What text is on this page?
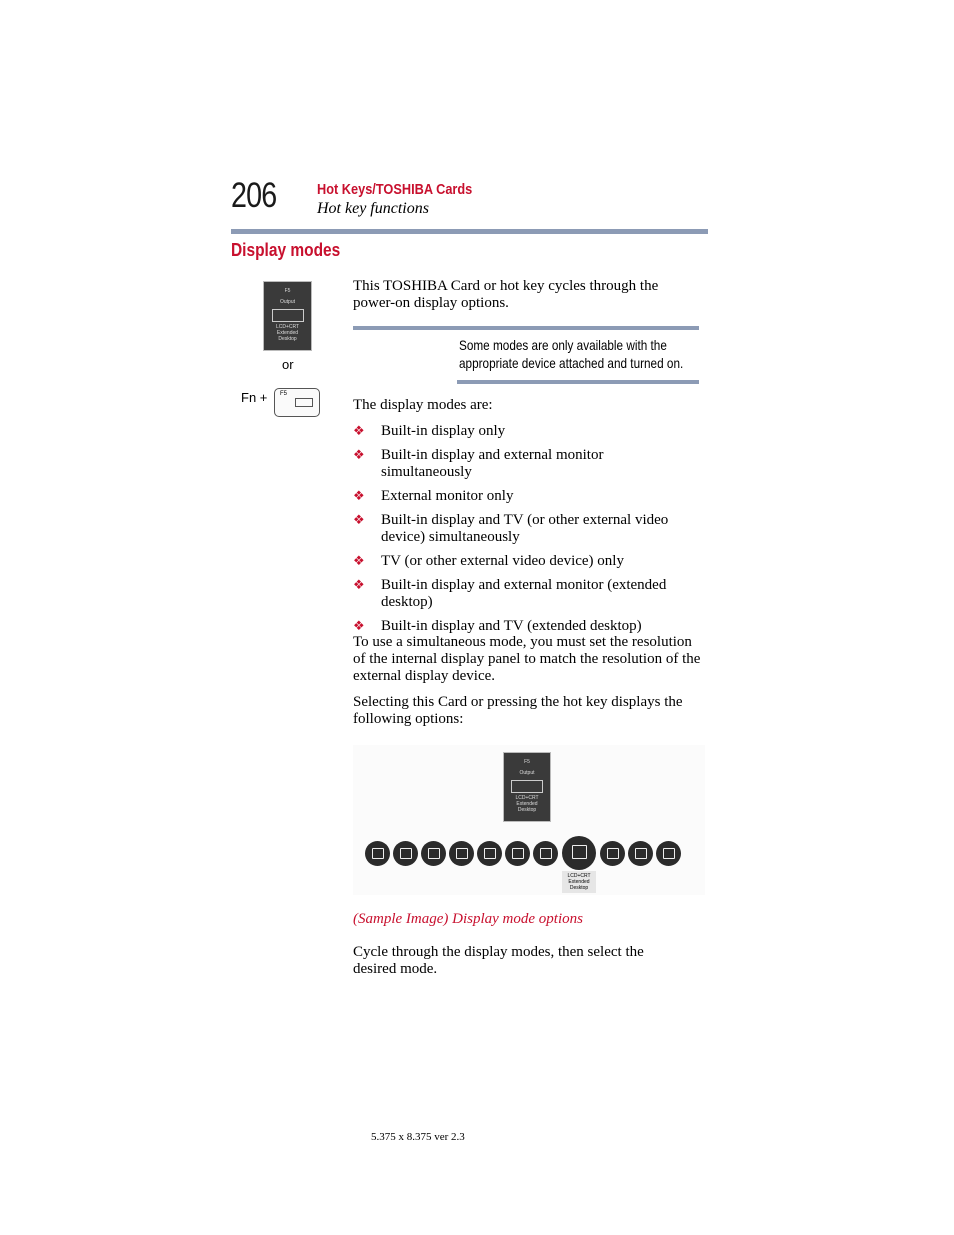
206	Hot Keys/TOSHIBA Cards
Hot key functions
Display modes
F5
Output
LCD+CRT
Extended
Desktop
or
Fn + F5
This TOSHIBA Card or hot key cycles through the power-on display options.
Some modes are only available with the
appropriate device attached and turned on.
The display modes are:
❖	Built-in display only
❖	Built-in display and external monitor simultaneously
❖	External monitor only
❖	Built-in display and TV (or other external video device) simultaneously
❖	TV (or other external video device) only
❖	Built-in display and external monitor (extended desktop)
❖	Built-in display and TV (extended desktop)
To use a simultaneous mode, you must set the resolution of the internal display panel to match the resolution of the external display device.
Selecting this Card or pressing the hot key displays the following options:
F5
Output
LCD+CRT
Extended
Desktop
LCD+CRT
Extended
Desktop
(Sample Image) Display mode options
Cycle through the display modes, then select the desired mode.
5.375 x 8.375 ver 2.3
